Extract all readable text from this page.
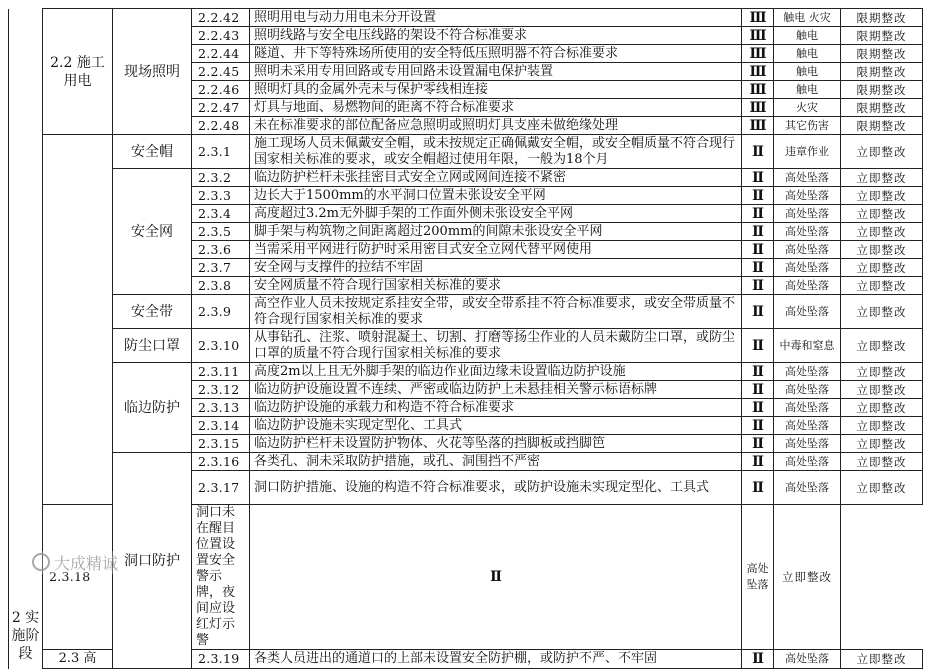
2 实施阶段	2.2 施工用电	现场照明	2.2.42	照明用电与动力用电未分开设置	Ⅲ	触电 火灾	限期整改
			2.2.43	照明线路与安全电压线路的架设不符合标准要求	Ⅲ	触电	限期整改
			2.2.44	隧道、井下等特殊场所使用的安全特低压照明器不符合标准要求	Ⅲ	触电	限期整改
			2.2.45	照明未采用专用回路或专用回路未设置漏电保护装置	Ⅲ	触电	限期整改
			2.2.46	照明灯具的金属外壳未与保护零线相连接	Ⅲ	触电	限期整改
			2.2.47	灯具与地面、易燃物间的距离不符合标准要求	Ⅲ	火灾	限期整改
			2.2.48	未在标准要求的部位配备应急照明或照明灯具支座未做绝缘处理	Ⅲ	其它伤害	限期整改
		安全帽	2.3.1	施工现场人员未佩戴安全帽，或未按规定正确佩戴安全帽，或安全帽质量不符合现行国家相关标准的要求，或安全帽超过使用年限，一般为18个月	Ⅱ	违章作业	立即整改
		安全网	2.3.2	临边防护栏杆未张挂密目式安全立网或网间连接不紧密	Ⅱ	高处坠落	立即整改
			2.3.3	边长大于1500mm的水平洞口位置未张设安全平网	Ⅱ	高处坠落	立即整改
			2.3.4	高度超过3.2m无外脚手架的工作面外侧未张设安全平网	Ⅱ	高处坠落	立即整改
			2.3.5	脚手架与构筑物之间距离超过200mm的间隙未张设安全平网	Ⅱ	高处坠落	立即整改
			2.3.6	当需采用平网进行防护时采用密目式安全立网代替平网使用	Ⅱ	高处坠落	立即整改
			2.3.7	安全网与支撑件的拉结不牢固	Ⅱ	高处坠落	立即整改
			2.3.8	安全网质量不符合现行国家相关标准的要求	Ⅱ	高处坠落	立即整改
		安全带	2.3.9	高空作业人员未按规定系挂安全带，或安全带系挂不符合标准要求，或安全带质量不符合现行国家相关标准的要求	Ⅱ	高处坠落	立即整改
		防尘口罩	2.3.10	从事钻孔、注浆、喷射混凝土、切割、打磨等扬尘作业的人员未戴防尘口罩，或防尘口罩的质量不符合现行国家相关标准的要求	Ⅱ	中毒和窒息	立即整改
		临边防护	2.3.11	高度2m以上且无外脚手架的临边作业面边缘未设置临边防护设施	Ⅱ	高处坠落	立即整改
			2.3.12	临边防护设施设置不连续、严密或临边防护上未悬挂相关警示标语标牌	Ⅱ	高处坠落	立即整改
			2.3.13	临边防护设施的承载力和构造不符合标准要求	Ⅱ	高处坠落	立即整改
			2.3.14	临边防护设施未实现定型化、工具式	Ⅱ	高处坠落	立即整改
			2.3.15	临边防护栏杆未设置防护物体、火花等坠落的挡脚板或挡脚笆	Ⅱ	高处坠落	立即整改
		洞口防护	2.3.16	各类孔、洞未采取防护措施，或孔、洞围挡不严密	Ⅱ	高处坠落	立即整改
			2.3.17	洞口防护措施、设施的构造不符合标准要求，或防护设施未实现定型化、工具式	Ⅱ	高处坠落	立即整改
	2.3.18		洞口未在醒目位置设置安全警示牌，夜间应设红灯示警	Ⅱ	高处坠落	立即整改	
	2.3 高		2.3.19	各类人员进出的通道口的上部未设置安全防护棚，或防护不严、不牢固	Ⅱ	高处坠落	立即整改
大成精诚
